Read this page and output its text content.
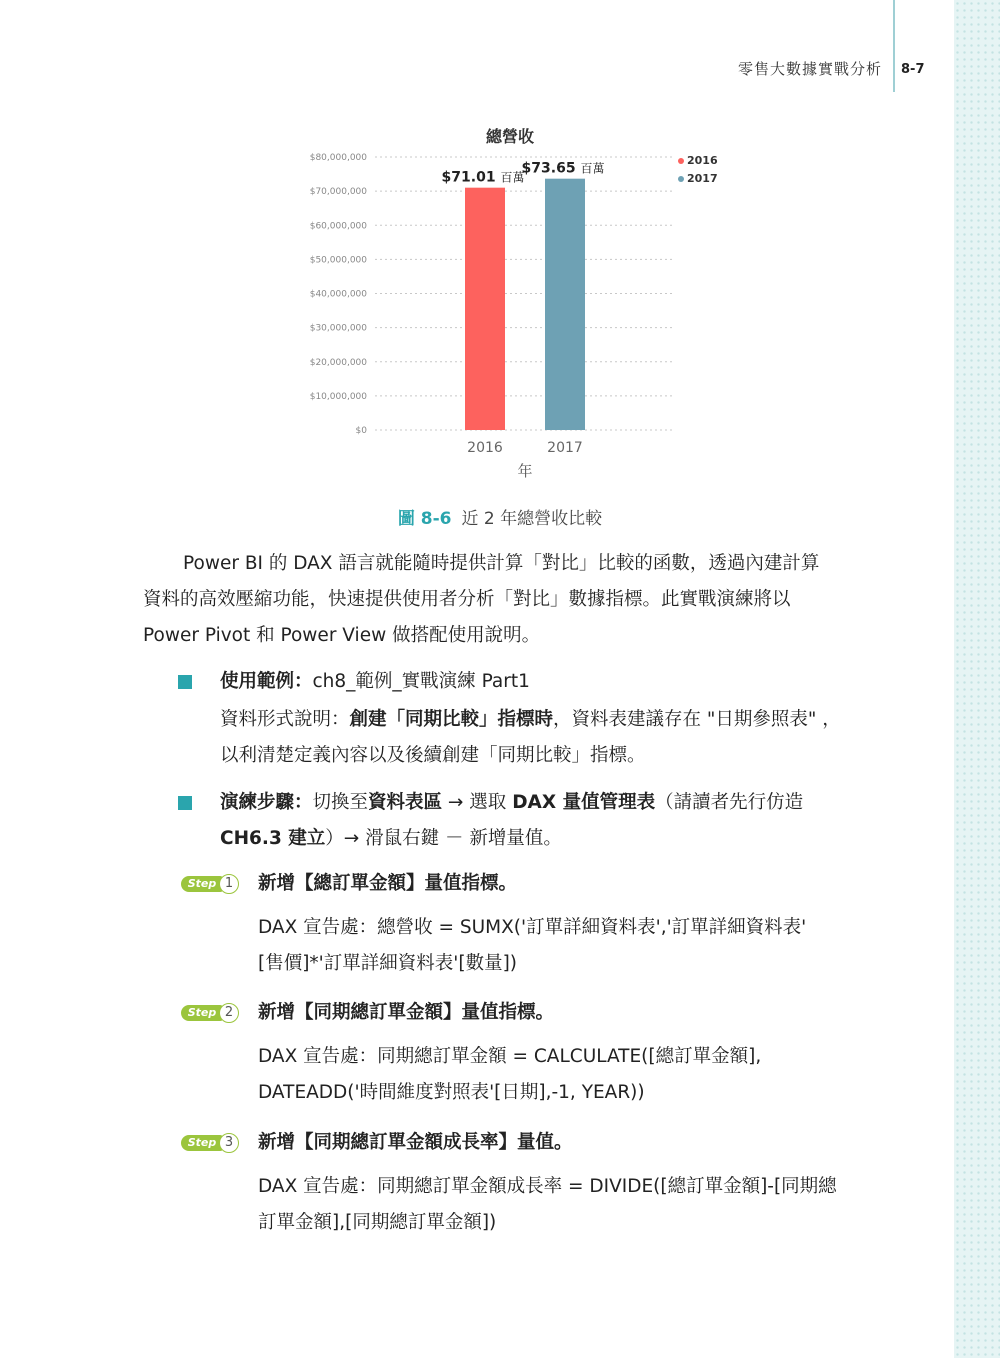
零售大數據實戰分析 8-7
$0
$10,000,000
$20,000,000
$30,000,000
$40,000,000
$50,000,000
$60,000,000
$70,000,000
$80,000,000
$71.01 百萬
2016
$73.65 百萬
2017
年
總營收
2016
2017
圖 8-6 近 2 年總營收比較

Power BI 的 DAX 語言就能隨時提供計算「對比」比較的函數，透過內建計算

資料的高效壓縮功能，快速提供使用者分析「對比」數據指標。此實戰演練將以

Power Pivot 和 Power View 做搭配使用說明。

使用範例：ch8_範例_實戰演練 Part1
資料形式說明：創建「同期比較」指標時，資料表建議存在 "日期參照表" ，
以利清楚定義內容以及後續創建「同期比較」指標。
演練步驟：切換至資料表區 → 選取 DAX 量值管理表（請讀者先行仿造
CH6.3 建立）→ 滑鼠右鍵 － 新增量值。
Step 1	新增【總訂單金額】量值指標。

DAX 宣告處：總營收 = SUMX('訂單詳細資料表','訂單詳細資料表'

[售價]*'訂單詳細資料表'[數量])

Step 2	新增【同期總訂單金額】量值指標。

DAX 宣告處：同期總訂單金額 = CALCULATE([總訂單金額],

DATEADD('時間維度對照表'[日期],-1, YEAR))

Step 3	新增【同期總訂單金額成長率】量值。

DAX 宣告處：同期總訂單金額成長率 = DIVIDE([總訂單金額]-[同期總

訂單金額],[同期總訂單金額])
